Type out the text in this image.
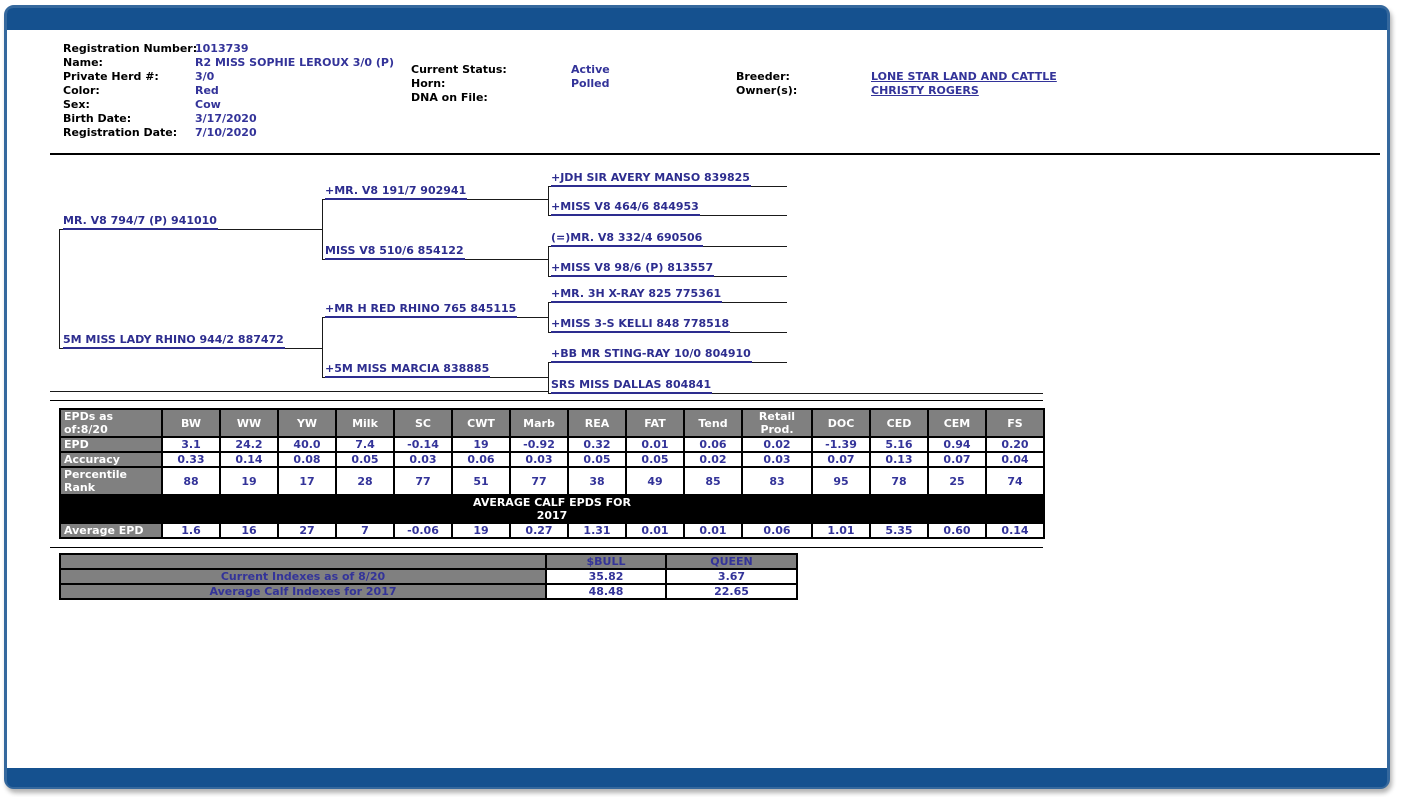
Registration Number:
1013739
Name:	R2 MISS SOPHIE LEROUX 3/0 (P)
Private Herd #:	3/0
Color:	Red
Sex:	Cow
Birth Date:	3/17/2020
Registration Date:	7/10/2020
Current Status:	Active
Horn:	Polled
DNA on File:
Breeder:	LONE STAR LAND AND CATTLE
Owner(s):	CHRISTY ROGERS
MR. V8 794/7 (P) 941010
5M MISS LADY RHINO 944/2 887472
+MR. V8 191/7 902941
MISS V8 510/6 854122
+MR H RED RHINO 765 845115
+5M MISS MARCIA 838885
+JDH SIR AVERY MANSO 839825
+MISS V8 464/6 844953
(=)MR. V8 332/4 690506
+MISS V8 98/6 (P) 813557
+MR. 3H X-RAY 825 775361
+MISS 3-S KELLI 848 778518
+BB MR STING-RAY 10/0 804910
SRS MISS DALLAS 804841
EPDs as of:8/20	BW	WW	YW	Milk	SC	CWT	Marb	REA	FAT	Tend	Retail Prod.	DOC	CED	CEM	FS
EPD	3.1	24.2	40.0	7.4	-0.14	19	-0.92	0.32	0.01	0.06	0.02	-1.39	5.16	0.94	0.20
Accuracy	0.33	0.14	0.08	0.05	0.03	0.06	0.03	0.05	0.05	0.02	0.03	0.07	0.13	0.07	0.04
Percentile Rank	88	19	17	28	77	51	77	38	49	85	83	95	78	25	74

AVERAGE CALF EPDS FOR
2017															

Average EPD	1.6	16	27	7	-0.06	19	0.27	1.31	0.01	0.01	0.06	1.01	5.35	0.60	0.14
	$BULL	QUEEN
Current Indexes as of 8/20	35.82	3.67
Average Calf Indexes for 2017	48.48	22.65
